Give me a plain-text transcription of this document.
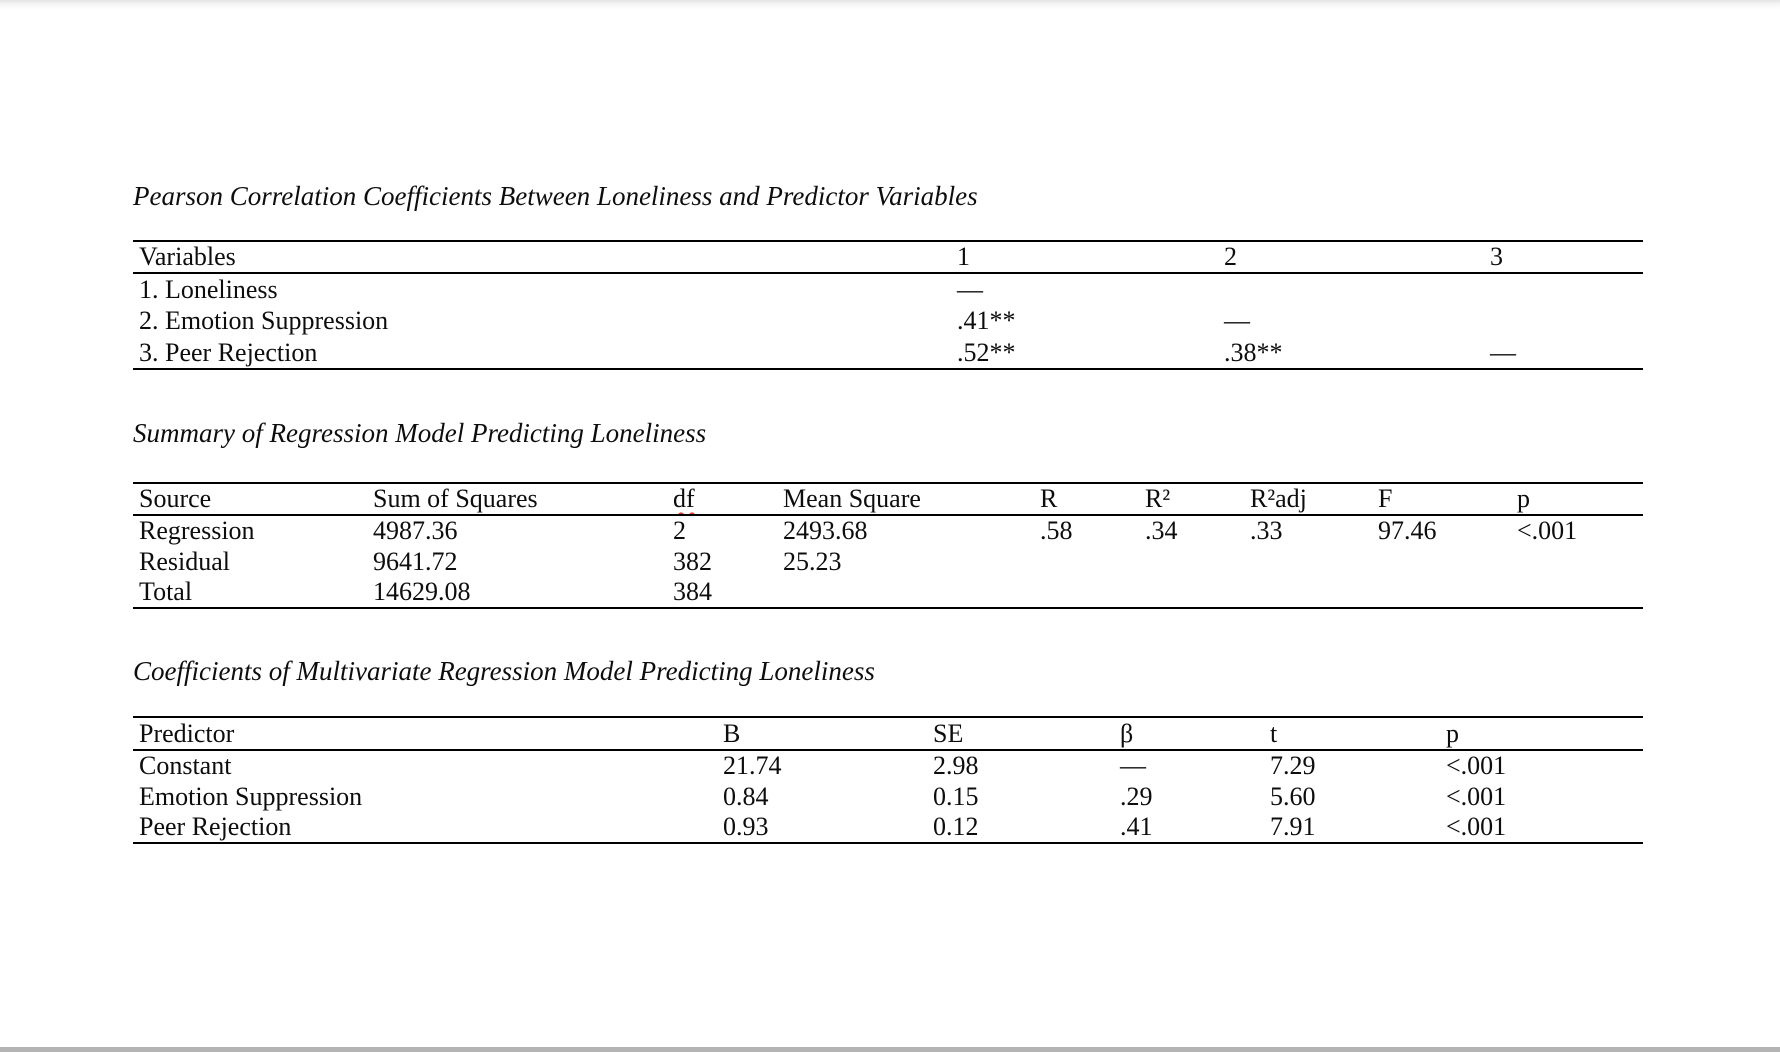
Pearson Correlation Coefficients Between Loneliness and Predictor Variables
Variables	1	2	3
1. Loneliness	—		
2. Emotion Suppression	.41**	—	
3. Peer Rejection	.52**	.38**	—
Summary of Regression Model Predicting Loneliness
Source	Sum of Squares	df	Mean Square	R	R²	R²adj	F	p
Regression	4987.36	2	2493.68	.58	.34	.33	97.46	<.001
Residual	9641.72	382	25.23					
Total	14629.08	384						
Coefficients of Multivariate Regression Model Predicting Loneliness
Predictor	B	SE	β	t	p
Constant	21.74	2.98	—	7.29	<.001
Emotion Suppression	0.84	0.15	.29	5.60	<.001
Peer Rejection	0.93	0.12	.41	7.91	<.001
